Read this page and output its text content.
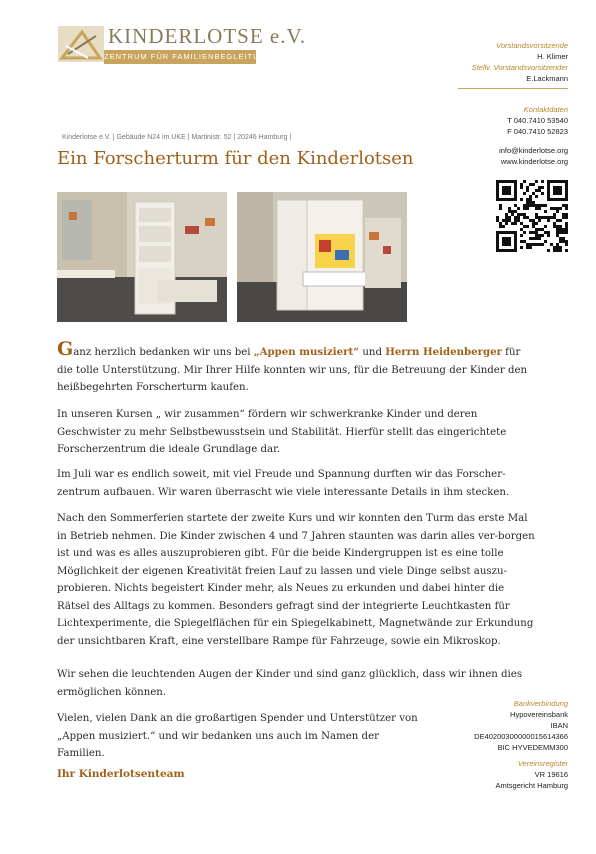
KINDERLOTSE e.V.
ZENTRUM FÜR FAMILIENBEGLEITUNG
Vorstandsvorsitzende
H. Klimer
Stellv. Vorstandsvorsitzender
E.Lackmann
Kontaktdaten
T 040.7410 53540
F 040.7410 52823
info@kinderlotse.org
www.kinderlotse.org
Kinderlotse e.V. | Gebäude N24 im UKE | Martinistr. 52 | 20246 Hamburg |
Ein Forscherturm für den Kinderlotsen

Ganz herzlich bedanken wir uns bei „Appen musiziert“ und Herrn Heidenberger für die tolle Unterstützung. Mir Ihrer Hilfe konnten wir uns, für die Betreuung der Kinder den heißbegehrten Forscherturm kaufen.

In unseren Kursen „ wir zusammen“ fördern wir schwerkranke Kinder und deren Geschwister zu mehr Selbstbewusstsein und Stabilität. Hierfür stellt das eingerichtete Forscherzentrum die ideale Grundlage dar.
Im Juli war es endlich soweit, mit viel Freude und Spannung durften wir das Forscher-zentrum aufbauen. Wir waren überrascht wie viele interessante Details in ihm stecken.
Nach den Sommerferien startete der zweite Kurs und wir konnten den Turm das erste Mal in Betrieb nehmen. Die Kinder zwischen 4 und 7 Jahren staunten was darin alles ver-borgen ist und was es alles auszuprobieren gibt. Für die beide Kindergruppen ist es eine tolle Möglichkeit der eigenen Kreativität freien Lauf zu lassen und viele Dinge selbst auszu-probieren. Nichts begeistert Kinder mehr, als Neues zu erkunden und dabei hinter die Rätsel des Alltags zu kommen. Besonders gefragt sind der integrierte Leuchtkasten für Lichtexperimente, die Spiegelflächen für ein Spiegelkabinett, Magnetwände zur Erkundung der unsichtbaren Kraft, eine verstellbare Rampe für Fahrzeuge, sowie ein Mikroskop.
Wir sehen die leuchtenden Augen der Kinder und sind ganz glücklich, dass wir ihnen dies ermöglichen können.
Vielen, vielen Dank an die großartigen Spender und Unterstützer von „Appen musiziert.“ und wir bedanken uns auch im Namen der Familien.
Ihr Kinderlotsenteam
Bankverbindung
Hypovereinsbank
IBAN
DE40200300000015614366
BIC HYVEDEMM300
Vereinsregister
VR 19616
Amtsgericht Hamburg
